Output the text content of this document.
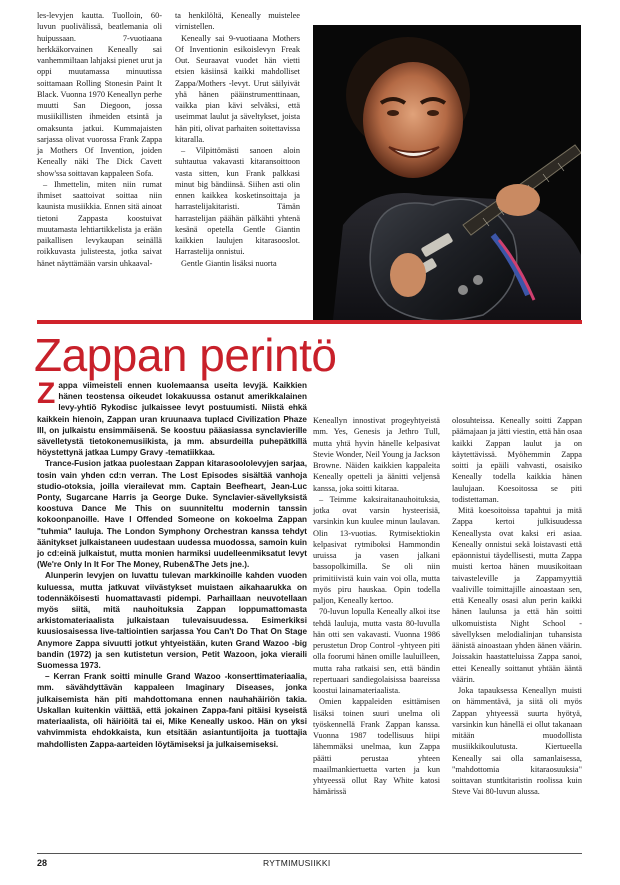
les-levyjen kautta. Tuolloin, 60-luvun puolivälissä, beatlemania oli huipussaan. 7-vuotiaana herkkäkorvainen Keneally sai vanhemmiltaan lahjaksi pienet urut ja oppi muutamassa minuutissa soittamaan Rolling Stonesin Paint It Black. Vuonna 1970 Keneallyn perhe muutti San Diegoon, jossa musiikillisten ihmeiden etsintä ja omaksunta jatkui. Kummajaisten sarjassa olivat vuorossa Frank Zappa ja Mothers Of Invention, joiden Keneally näki The Dick Cavett show'ssa soittavan kappaleen Sofa.

– Ihmettelin, miten niin rumat ihmiset saattoivat soittaa niin kaunista musiikkia. Ennen sitä ainoat tietoni Zappasta koostuivat muutamasta lehtiartikkelista ja erään paikallisen levykaupan seinällä roikkuvasta julisteesta, jotka saivat hänet näyttämään varsin uhkaaval-

ta henkilöltä, Keneally muistelee virnistellen.

Keneally sai 9-vuotiaana Mothers Of Inventionin esikoislevyn Freak Out. Seuraavat vuodet hän vietti etsien käsiinsä kaikki mahdolliset Zappa/Mothers -levyt. Urut säilyivät yhä hänen pääinstrumenttinaan, vaikka pian kävi selväksi, että useimmat laulut ja säveltykset, joista hän piti, olivat parhaiten soitettavissa kitaralla.

– Vilpittömästi sanoen aloin suhtautua vakavasti kitaransoittoon vasta sitten, kun Frank palkkasi minut big bändiinsä. Siihen asti olin ennen kaikkea kosketinsoittaja ja harrastelijakitaristi. Tämän harrastelijan päähän pälkähti yhtenä kesänä opetella Gentle Giantin kaikkien laulujen kitarasooslot. Harrastelija onnistui.

Gentle Giantin lisäksi nuorta

Zappan perintö

Zappa viimeisteli ennen kuolemaansa useita levyjä. Kaikkien hänen teostensa oikeudet lokakuussa ostanut amerikkalainen levy-yhtiö Rykodisc julkaissee levyt postuumisti. Niistä ehkä kaikkein hienoin, Zappan uran kruunaava tuplacd Civilization Phaze III, on julkaistu ensimmäisenä. Se koostuu pääasiassa synclavierille sävelletystä tietokonemusiikista, ja mm. absurdeilla puhepätkillä höystettynä jatkaa Lumpy Gravy -tematiikkaa.

Trance-Fusion jatkaa puolestaan Zappan kitarasoololevyjen sarjaa, tosin vain yhden cd:n verran. The Lost Episodes sisältää vanhoja studio-otoksia, joilla vierailevat mm. Captain Beefheart, Jean-Luc Ponty, Sugarcane Harris ja George Duke. Synclavier-sävellyksistä koostuva Dance Me This on suunniteltu modernin tanssin kokoonpanoille. Have I Offended Someone on kokoelma Zappan "tuhmia" lauluja. The London Symphony Orchestran kanssa tehdyt äänitykset julkaistaneen uudestaan uudessa muodossa, samoin kuin jo cd:einä julkaistut, mutta monien harmiksi uudelleenmiksatut levyt (We're Only In It For The Money, Ruben&The Jets jne.).

Alunperin levyjen on luvattu tulevan markkinoille kahden vuoden kuluessa, mutta jatkuvat viivästykset muistaen aikahaarukka on todennäköisesti huomattavasti pidempi. Parhaillaan neuvotellaan myös siitä, mitä nauhoituksia Zappan loppumattomasta arkistomateriaalista julkaistaan tulevaisuudessa. Esimerkiksi kuusiosaisessa live-taltiointien sarjassa You Can't Do That On Stage Anymore Zappa sivuutti jotkut yhtyeistään, kuten Grand Wazoo -big bandin (1972) ja sen kutistetun version, Petit Wazoon, joka vieraili Suomessa 1973.

– Kerran Frank soitti minulle Grand Wazoo -konserttimateriaalia, mm. sävähdyttävän kappaleen Imaginary Diseases, jonka julkaisemista hän piti mahdottomana ennen nauhahäiriön takia. Uskallan kuitenkin väittää, että jokainen Zappa-fani pitäisi kyseistä materiaalista, oli häiriöitä tai ei, Mike Keneally uskoo. Hän on yksi vahvimmista ehdokkaista, kun etsitään asiantuntijoita ja tuottajia mahdollisten Zappa-aarteiden löytämiseksi ja julkaisemiseksi.

Keneallyn innostivat progeyhtyeistä mm. Yes, Genesis ja Jethro Tull, mutta yhtä hyvin hänelle kelpasivat Stevie Wonder, Neil Young ja Jackson Browne. Näiden kaikkien kappaleita Keneally opetteli ja äänitti veljensä kanssa, joka soitti kitaraa.

– Teimme kaksiraitanauhoituksia, jotka ovat varsin hysteerisiä, varsinkin kun kuulee minun laulavan. Olin 13-vuotias. Rytmisektiokin kelpasivat rytmiboksi Hammondin uruissa ja vasen jalkani bassopolkimilla. Se oli niin primitiivistä kuin vain voi olla, mutta myös piru hauskaa. Opin todella paljon, Keneally kertoo.

70-luvun lopulla Keneally alkoi itse tehdä lauluja, mutta vasta 80-luvulla hän otti sen vakavasti. Vuonna 1986 perustetun Drop Control -yhtyeen piti olla foorumi hänen omille lauluilleen, mutta raha ratkaisi sen, että bändin repertuaari sandiegolaisissa baareissa koostui lainamateriaalista.

Omien kappaleiden esittämisen lisäksi toinen suuri unelma oli työskennellä Frank Zappan kanssa. Vuonna 1987 todellisuus hiipi lähemmäksi unelmaa, kun Zappa päätti perustaa yhteen maailmankiertuetta varten ja kun yhtyeessä ollut Ray White katosi hämärissä

olosuhteissa. Keneally soitti Zappan päämajaan ja jätti viestin, että hän osaa kaikki Zappan laulut ja on käytettävissä. Myöhemmin Zappa soitti ja epäili vahvasti, osaisiko Keneally todella kaikkia hänen laulujaan. Koesoitossa se piti todistettaman.

Mitä koesoitoissa tapahtui ja mitä Zappa kertoi julkisuudessa Keneallysta ovat kaksi eri asiaa. Keneally onnistui sekä loistavasti että epäonnistui täydellisesti, mutta Zappa muisti kertoa hänen muusikoitaan taivasteleville ja Zappamyyttiä vaaliville toimittajille ainoastaan sen, että Keneally osasi alun perin kaikki hänen laulunsa ja että hän soitti ulkomuistista Night School -sävellyksen melodialinjan tuhansista äänistä ainoastaan yhden äänen väärin. Joissakin haastatteluissa Zappa sanoi, ettei Keneally soittanut yhtään ääntä väärin.

Joka tapauksessa Keneallyn muisti on hämmentävä, ja siitä oli myös Zappan yhtyeessä suurta hyötyä, varsinkin kun hänellä ei ollut takanaan mitään muodollista musiikkikoulutusta. Kiertueella Keneally sai olla samanlaisessa, "mahdottomia kitaraosuuksia" soittavan stuntkitaristin roolissa kuin Steve Vai 80-luvun alussa.

28	RYTMIMUSIIKKI
